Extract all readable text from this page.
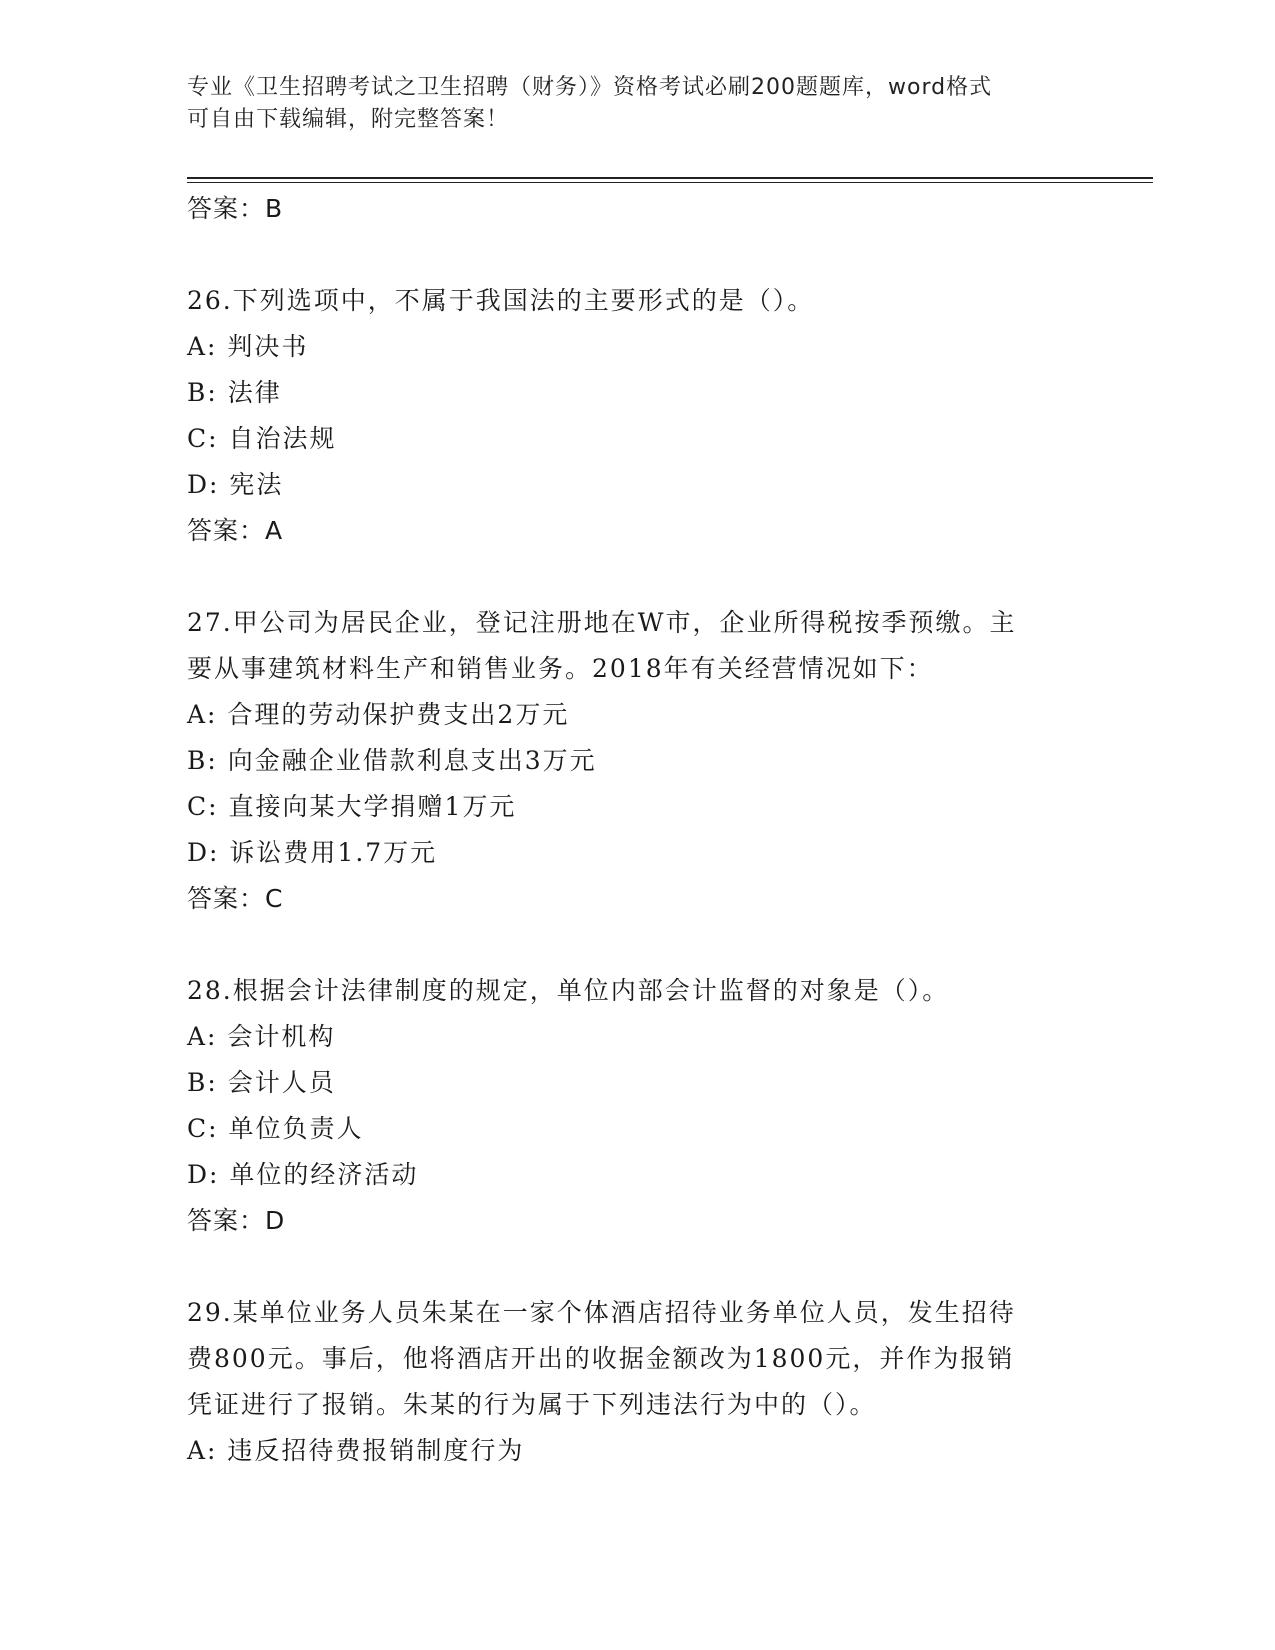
专业《卫生招聘考试之卫生招聘（财务）》资格考试必刷200题题库，word格式
可自由下载编辑，附完整答案！
答案：B
26.下列选项中，不属于我国法的主要形式的是（）。
A: 判决书
B: 法律
C: 自治法规
D: 宪法
答案：A
27.甲公司为居民企业，登记注册地在W市，企业所得税按季预缴。主
要从事建筑材料生产和销售业务。2018年有关经营情况如下：
A: 合理的劳动保护费支出2万元
B: 向金融企业借款利息支出3万元
C: 直接向某大学捐赠1万元
D: 诉讼费用1.7万元
答案：C
28.根据会计法律制度的规定，单位内部会计监督的对象是（）。
A: 会计机构
B: 会计人员
C: 单位负责人
D: 单位的经济活动
答案：D
29.某单位业务人员朱某在一家个体酒店招待业务单位人员，发生招待
费800元。事后，他将酒店开出的收据金额改为1800元，并作为报销
凭证进行了报销。朱某的行为属于下列违法行为中的（）。
A: 违反招待费报销制度行为
